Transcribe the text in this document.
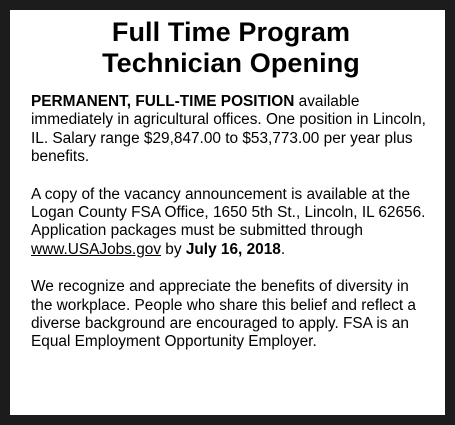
Full Time Program
Technician Opening
PERMANENT, FULL-TIME POSITION available immediately in agricultural offices. One position in Lincoln, IL. Salary range $29,847.00 to $53,773.00 per year plus benefits.
A copy of the vacancy announcement is available at the Logan County FSA Office, 1650 5th St., Lincoln, IL 62656. Application packages must be submitted through www.USAJobs.gov by July 16, 2018.
We recognize and appreciate the benefits of diversity in the workplace. People who share this belief and reflect a diverse background are encouraged to apply. FSA is an Equal Employment Opportunity Employer.
